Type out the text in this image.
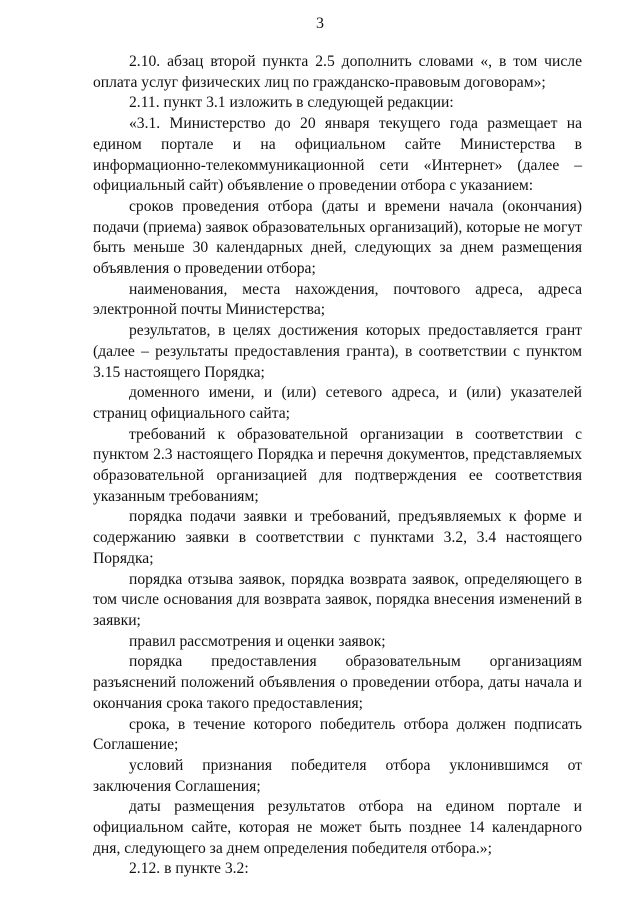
3

2.10. абзац второй пункта 2.5 дополнить словами «, в том числе оплата услуг физических лиц по гражданско-правовым договорам»;

2.11. пункт 3.1 изложить в следующей редакции:

«3.1. Министерство до 20 января текущего года размещает на едином портале и на официальном сайте Министерства в информационно-телекоммуникационной сети «Интернет» (далее – официальный сайт) объявление о проведении отбора с указанием:

сроков проведения отбора (даты и времени начала (окончания) подачи (приема) заявок образовательных организаций), которые не могут быть меньше 30 календарных дней, следующих за днем размещения объявления о проведении отбора;

наименования, места нахождения, почтового адреса, адреса электронной почты Министерства;

результатов, в целях достижения которых предоставляется грант (далее – результаты предоставления гранта), в соответствии с пунктом 3.15 настоящего Порядка;

доменного имени, и (или) сетевого адреса, и (или) указателей страниц официального сайта;

требований к образовательной организации в соответствии с пунктом 2.3 настоящего Порядка и перечня документов, представляемых образовательной организацией для подтверждения ее соответствия указанным требованиям;

порядка подачи заявки и требований, предъявляемых к форме и содержанию заявки в соответствии с пунктами 3.2, 3.4 настоящего Порядка;

порядка отзыва заявок, порядка возврата заявок, определяющего в том числе основания для возврата заявок, порядка внесения изменений в заявки;

правил рассмотрения и оценки заявок;

порядка предоставления образовательным организациям разъяснений положений объявления о проведении отбора, даты начала и окончания срока такого предоставления;

срока, в течение которого победитель отбора должен подписать Соглашение;

условий признания победителя отбора уклонившимся от заключения Соглашения;

даты размещения результатов отбора на едином портале и официальном сайте, которая не может быть позднее 14 календарного дня, следующего за днем определения победителя отбора.»;

2.12. в пункте 3.2:
